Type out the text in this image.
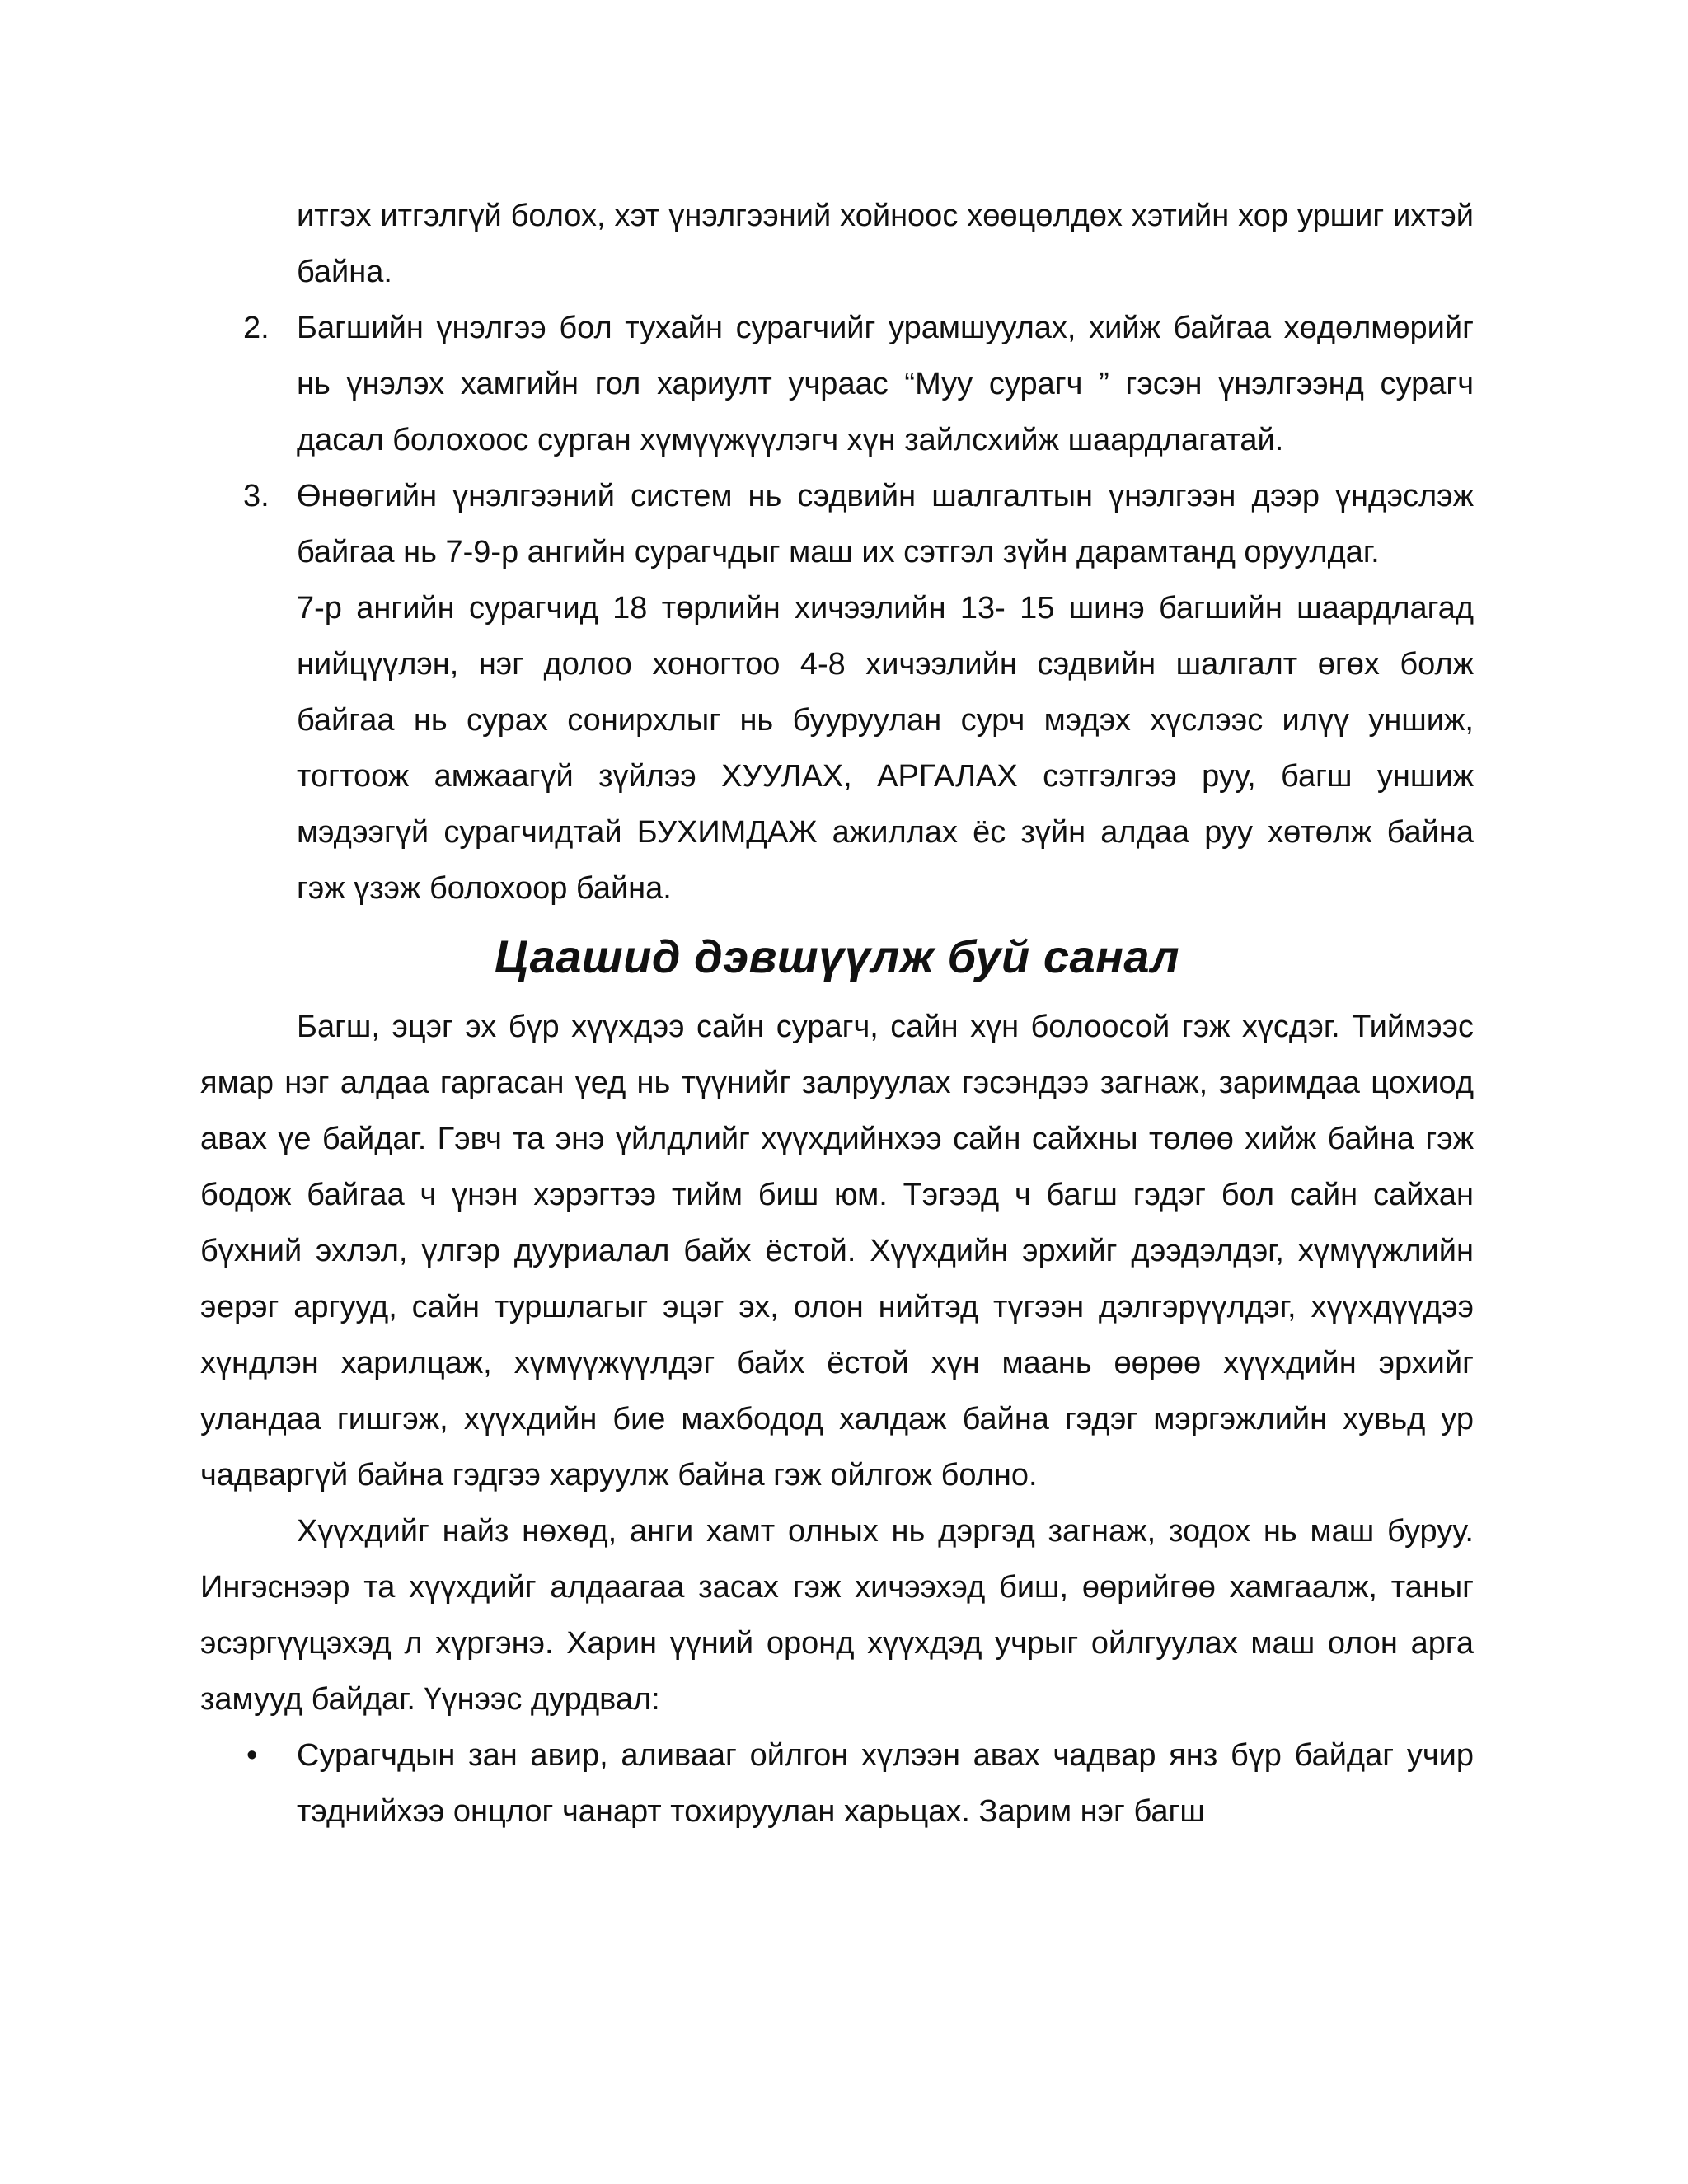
итгэх итгэлгүй болох, хэт үнэлгээний хойноос хөөцөлдөх хэтийн хор уршиг ихтэй байна.

2. Багшийн үнэлгээ бол тухайн сурагчийг урамшуулах, хийж байгаа хөдөлмөрийг нь үнэлэх хамгийн гол хариулт учраас “Муу сурагч ” гэсэн үнэлгээнд сурагч дасал болохоос сурган хүмүүжүүлэгч хүн зайлсхийж шаардлагатай.
3. Өнөөгийн үнэлгээний систем нь сэдвийн шалгалтын үнэлгээн дээр үндэслэж байгаа нь 7-9-р ангийн сурагчдыг маш их сэтгэл зүйн дарамтанд оруулдаг.
7-р ангийн сурагчид 18 төрлийн хичээлийн 13- 15 шинэ багшийн шаардлагад нийцүүлэн, нэг долоо хоногтоо 4-8 хичээлийн сэдвийн шалгалт өгөх болж байгаа нь сурах сонирхлыг нь бууруулан сурч мэдэх хүслээс илүү уншиж, тогтоож амжаагүй зүйлээ ХУУЛАХ, АРГАЛАХ сэтгэлгээ руу, багш уншиж мэдээгүй сурагчидтай БУХИМДАЖ ажиллах ёс зүйн алдаа руу хөтөлж байна гэж үзэж болохоор байна.
Цаашид дэвшүүлж буй санал

Багш, эцэг эх бүр хүүхдээ сайн сурагч, сайн хүн болоосой гэж хүсдэг. Тиймээс ямар нэг алдаа гаргасан үед нь түүнийг залруулах гэсэндээ загнаж, заримдаа цохиод авах үе байдаг. Гэвч та энэ үйлдлийг хүүхдийнхээ сайн сайхны төлөө хийж байна гэж бодож байгаа ч үнэн хэрэгтээ тийм биш юм. Тэгээд ч багш гэдэг бол сайн сайхан бүхний эхлэл, үлгэр дууриалал байх ёстой. Хүүхдийн эрхийг дээдэлдэг, хүмүүжлийн эерэг аргууд, сайн туршлагыг эцэг эх, олон нийтэд түгээн дэлгэрүүлдэг, хүүхдүүдээ хүндлэн харилцаж, хүмүүжүүлдэг байх ёстой хүн маань өөрөө хүүхдийн эрхийг уландаа гишгэж, хүүхдийн бие махбодод халдаж байна гэдэг мэргэжлийн хувьд ур чадваргүй байна гэдгээ харуулж байна гэж ойлгож болно.

Хүүхдийг найз нөхөд, анги хамт олных нь дэргэд загнаж, зодох нь маш буруу. Ингэснээр та хүүхдийг алдаагаа засах гэж хичээхэд биш, өөрийгөө хамгаалж, таныг эсэргүүцэхэд л хүргэнэ. Харин үүний оронд хүүхдэд учрыг ойлгуулах маш олон арга замууд байдаг. Үүнээс дурдвал:

• Сурагчдын зан авир, аливааг ойлгон хүлээн авах чадвар янз бүр байдаг учир тэднийхээ онцлог чанарт тохируулан харьцах. Зарим нэг багш
